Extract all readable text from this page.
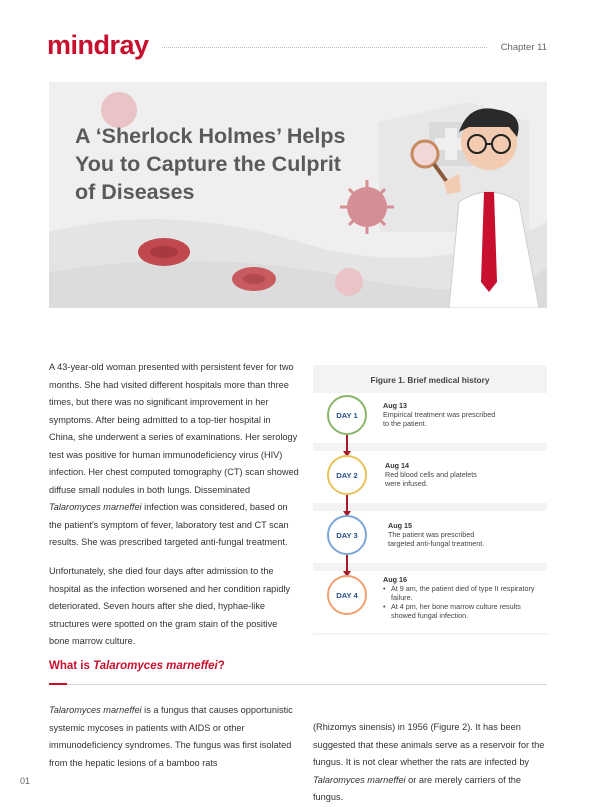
mindray	Chapter 11
A ‘Sherlock Holmes’ Helps
You to Capture the Culprit
of Diseases
A 43-year-old woman presented with persistent fever for two months. She had visited different hospitals more than three times, but there was no significant improvement in her symptoms. After being admitted to a top-tier hospital in China, she underwent a series of examinations. Her serology test was positive for human immunodeficiency virus (HIV) infection. Her chest computed tomography (CT) scan showed diffuse small nodules in both lungs. Disseminated Talaromyces marneffei infection was considered, based on the patient's symptom of fever, laboratory test and CT scan results. She was prescribed targeted anti-fungal treatment.
Unfortunately, she died four days after admission to the hospital as the infection worsened and her condition rapidly deteriorated. Seven hours after she died, hyphae-like structures were spotted on the gram stain of the positive bone marrow culture.
Figure 1. Brief medical history
DAY 1
Aug 13
Empirical treatment was prescribed
to the patient.
DAY 2
Aug 14
Red blood cells and platelets
were infused.
DAY 3
Aug 15
The patient was prescribed
targeted anti-fungal treatment.
DAY 4
Aug 16
• At 9 am, the patient died of type II respiratory failure.
• At 4 pm, her bone marrow culture results showed fungal infection.
What is Talaromyces marneffei?
Talaromyces marneffei is a fungus that causes opportunistic systemic mycoses in patients with AIDS or other immunodeficiency syndromes. The fungus was first isolated from the hepatic lesions of a bamboo rats
(Rhizomys sinensis) in 1956 (Figure 2). It has been suggested that these animals serve as a reservoir for the fungus. It is not clear whether the rats are infected by Talaromyces marneffei or are merely carriers of the fungus.
01
